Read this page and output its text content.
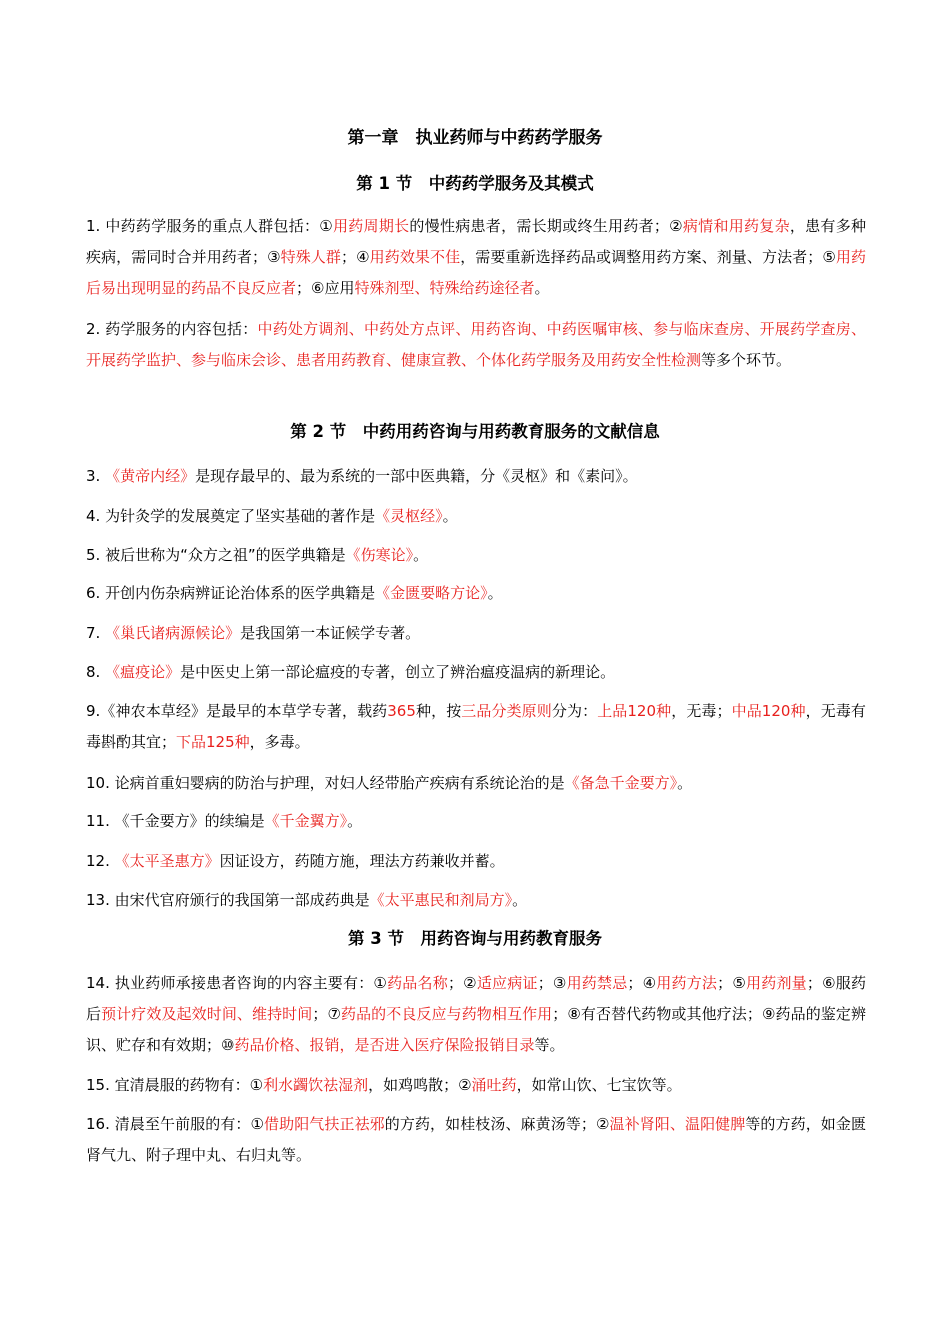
第一章　执业药师与中药药学服务
第 1 节　中药药学服务及其模式

1. 中药药学服务的重点人群包括：①用药周期长的慢性病患者，需长期或终生用药者；②病情和用药复杂，患有多种疾病，需同时合并用药者；③特殊人群；④用药效果不佳，需要重新选择药品或调整用药方案、剂量、方法者；⑤用药后易出现明显的药品不良反应者；⑥应用特殊剂型、特殊给药途径者。

2. 药学服务的内容包括：中药处方调剂、中药处方点评、用药咨询、中药医嘱审核、参与临床查房、开展药学查房、开展药学监护、参与临床会诊、患者用药教育、健康宣教、个体化药学服务及用药安全性检测等多个环节。

第 2 节　中药用药咨询与用药教育服务的文献信息

3. 《黄帝内经》是现存最早的、最为系统的一部中医典籍，分《灵枢》和《素问》。

4. 为针灸学的发展奠定了坚实基础的著作是《灵枢经》。

5. 被后世称为“众方之祖”的医学典籍是《伤寒论》。

6. 开创内伤杂病辨证论治体系的医学典籍是《金匮要略方论》。

7. 《巢氏诸病源候论》是我国第一本证候学专著。

8. 《瘟疫论》是中医史上第一部论瘟疫的专著，创立了辨治瘟疫温病的新理论。

9.《神农本草经》是最早的本草学专著，载药365种，按三品分类原则分为：上品120种，无毒；中品120种，无毒有毒斟酌其宜；下品125种，多毒。

10. 论病首重妇婴病的防治与护理，对妇人经带胎产疾病有系统论治的是《备急千金要方》。

11. 《千金要方》的续编是《千金翼方》。

12. 《太平圣惠方》因证设方，药随方施，理法方药兼收并蓄。

13. 由宋代官府颁行的我国第一部成药典是《太平惠民和剂局方》。

第 3 节　用药咨询与用药教育服务

14. 执业药师承接患者咨询的内容主要有：①药品名称；②适应病证；③用药禁忌；④用药方法；⑤用药剂量；⑥服药后预计疗效及起效时间、维持时间；⑦药品的不良反应与药物相互作用；⑧有否替代药物或其他疗法；⑨药品的鉴定辨识、贮存和有效期；⑩药品价格、报销，是否进入医疗保险报销目录等。

15. 宜清晨服的药物有：①利水蠲饮祛湿剂，如鸡鸣散；②涌吐药，如常山饮、七宝饮等。

16. 清晨至午前服的有：①借助阳气扶正祛邪的方药，如桂枝汤、麻黄汤等；②温补肾阳、温阳健脾等的方药，如金匮肾气九、附子理中丸、右归丸等。
